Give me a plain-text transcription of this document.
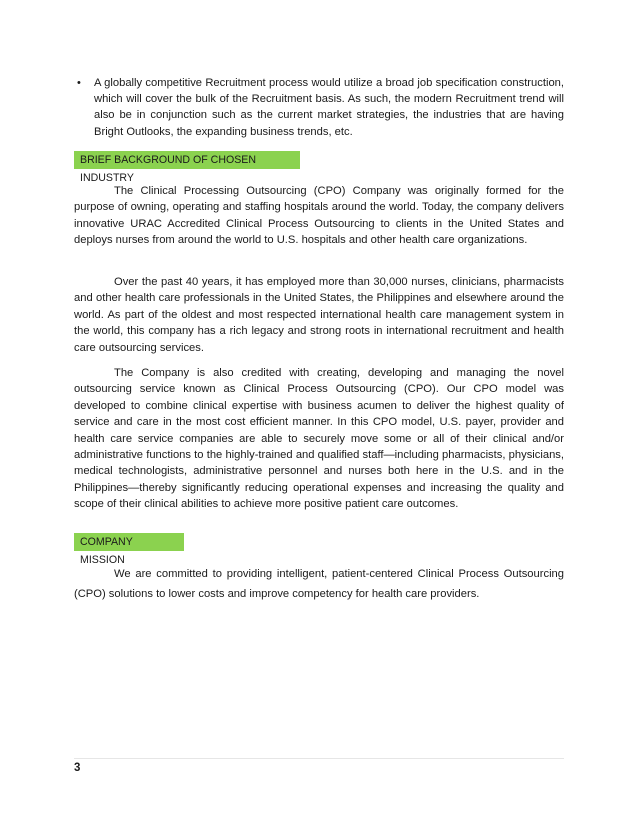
• A globally competitive Recruitment process would utilize a broad job specification construction, which will cover the bulk of the Recruitment basis. As such, the modern Recruitment trend will also be in conjunction such as the current market strategies, the industries that are having Bright Outlooks, the expanding business trends, etc.
BRIEF BACKGROUND OF CHOSEN INDUSTRY

The Clinical Processing Outsourcing (CPO) Company was originally formed for the purpose of owning, operating and staffing hospitals around the world. Today, the company delivers innovative URAC Accredited Clinical Process Outsourcing to clients in the United States and deploys nurses from around the world to U.S. hospitals and other health care organizations.

Over the past 40 years, it has employed more than 30,000 nurses, clinicians, pharmacists and other health care professionals in the United States, the Philippines and elsewhere around the world. As part of the oldest and most respected international health care management system in the world, this company has a rich legacy and strong roots in international recruitment and health care outsourcing services.

The Company is also credited with creating, developing and managing the novel outsourcing service known as Clinical Process Outsourcing (CPO). Our CPO model was developed to combine clinical expertise with business acumen to deliver the highest quality of service and care in the most cost efficient manner. In this CPO model, U.S. payer, provider and health care service companies are able to securely move some or all of their clinical and/or administrative functions to the highly-trained and qualified staff—including pharmacists, physicians, medical technologists, administrative personnel and nurses both here in the U.S. and in the Philippines—thereby significantly reducing operational expenses and increasing the quality and scope of their clinical abilities to achieve more positive patient care outcomes.

COMPANY MISSION

We are committed to providing intelligent, patient-centered Clinical Process Outsourcing (CPO) solutions to lower costs and improve competency for health care providers.

3
